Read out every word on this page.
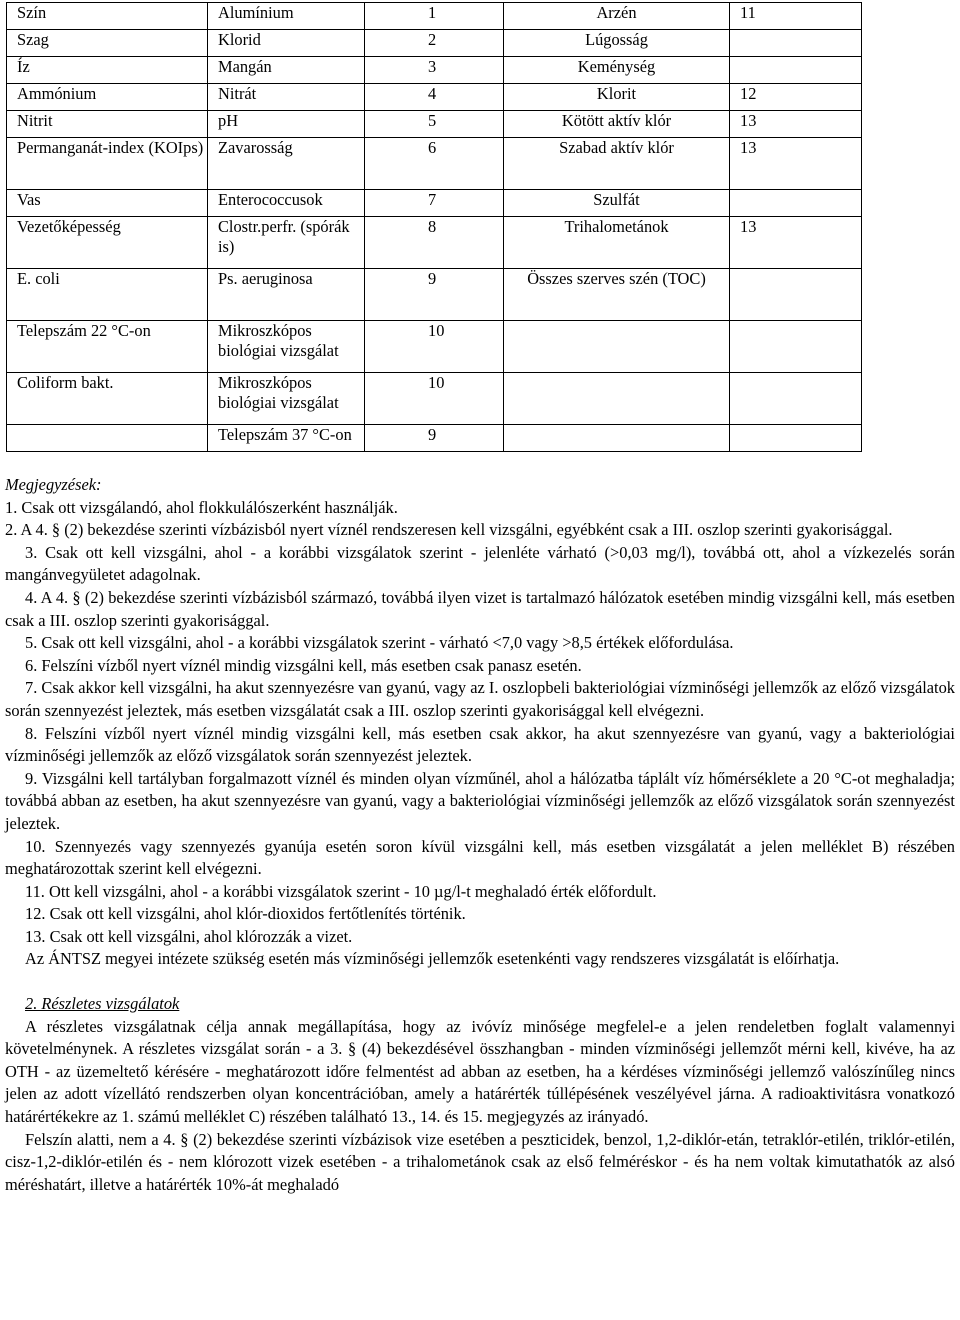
Szín	Alumínium	1	Arzén	11
Szag	Klorid	2	Lúgosság	
Íz	Mangán	3	Keménység	
Ammónium	Nitrát	4	Klorit	12
Nitrit	pH	5	Kötött aktív klór	13
Permanganát-index (KOIps)	Zavarosság	6	Szabad aktív klór	13
Vas	Enterococcusok	7	Szulfát	
Vezetőképesség	Clostr.perfr. (spórák is)	8	Trihalometánok	13
E. coli	Ps. aeruginosa	9	Összes szerves szén (TOC)	
Telepszám 22 °C-on	Mikroszkópos biológiai vizsgálat	10		
Coliform bakt.	Mikroszkópos biológiai vizsgálat	10		
	Telepszám 37 °C-on	9		

Megjegyzések:

1. Csak ott vizsgálandó, ahol flokkulálószerként használják.

2. A 4. § (2) bekezdése szerinti vízbázisból nyert víznél rendszeresen kell vizsgálni, egyébként csak a III. oszlop szerinti gyakorisággal.

3. Csak ott kell vizsgálni, ahol - a korábbi vizsgálatok szerint - jelenléte várható (>0,03 mg/l), továbbá ott, ahol a vízkezelés során mangánvegyületet adagolnak.

4. A 4. § (2) bekezdése szerinti vízbázisból származó, továbbá ilyen vizet is tartalmazó hálózatok esetében mindig vizsgálni kell, más esetben csak a III. oszlop szerinti gyakorisággal.

5. Csak ott kell vizsgálni, ahol - a korábbi vizsgálatok szerint - várható <7,0 vagy >8,5 értékek előfordulása.

6. Felszíni vízből nyert víznél mindig vizsgálni kell, más esetben csak panasz esetén.

7. Csak akkor kell vizsgálni, ha akut szennyezésre van gyanú, vagy az I. oszlopbeli bakteriológiai vízminőségi jellemzők az előző vizsgálatok során szennyezést jeleztek, más esetben vizsgálatát csak a III. oszlop szerinti gyakorisággal kell elvégezni.

8. Felszíni vízből nyert víznél mindig vizsgálni kell, más esetben csak akkor, ha akut szennyezésre van gyanú, vagy a bakteriológiai vízminőségi jellemzők az előző vizsgálatok során szennyezést jeleztek.

9. Vizsgálni kell tartályban forgalmazott víznél és minden olyan vízműnél, ahol a hálózatba táplált víz hőmérséklete a 20 °C-ot meghaladja; továbbá abban az esetben, ha akut szennyezésre van gyanú, vagy a bakteriológiai vízminőségi jellemzők az előző vizsgálatok során szennyezést jeleztek.

10. Szennyezés vagy szennyezés gyanúja esetén soron kívül vizsgálni kell, más esetben vizsgálatát a jelen melléklet B) részében meghatározottak szerint kell elvégezni.

11. Ott kell vizsgálni, ahol - a korábbi vizsgálatok szerint - 10 µg/l-t meghaladó érték előfordult.

12. Csak ott kell vizsgálni, ahol klór-dioxidos fertőtlenítés történik.

13. Csak ott kell vizsgálni, ahol klórozzák a vizet.

Az ÁNTSZ megyei intézete szükség esetén más vízminőségi jellemzők esetenkénti vagy rendszeres vizsgálatát is előírhatja.

2. Részletes vizsgálatok

A részletes vizsgálatnak célja annak megállapítása, hogy az ivóvíz minősége megfelel-e a jelen rendeletben foglalt valamennyi követelménynek. A részletes vizsgálat során - a 3. § (4) bekezdésével összhangban - minden vízminőségi jellemzőt mérni kell, kivéve, ha az OTH - az üzemeltető kérésére - meghatározott időre felmentést ad abban az esetben, ha a kérdéses vízminőségi jellemző valószínűleg nincs jelen az adott vízellátó rendszerben olyan koncentrációban, amely a határérték túllépésének veszélyével járna. A radioaktivitásra vonatkozó határértékekre az 1. számú melléklet C) részében található 13., 14. és 15. megjegyzés az irányadó.

Felszín alatti, nem a 4. § (2) bekezdése szerinti vízbázisok vize esetében a peszticidek, benzol, 1,2-diklór-etán, tetraklór-etilén, triklór-etilén, cisz-1,2-diklór-etilén és - nem klórozott vizek esetében - a trihalometánok csak az első felméréskor - és ha nem voltak kimutathatók az alsó méréshatárt, illetve a határérték 10%-át meghaladó
